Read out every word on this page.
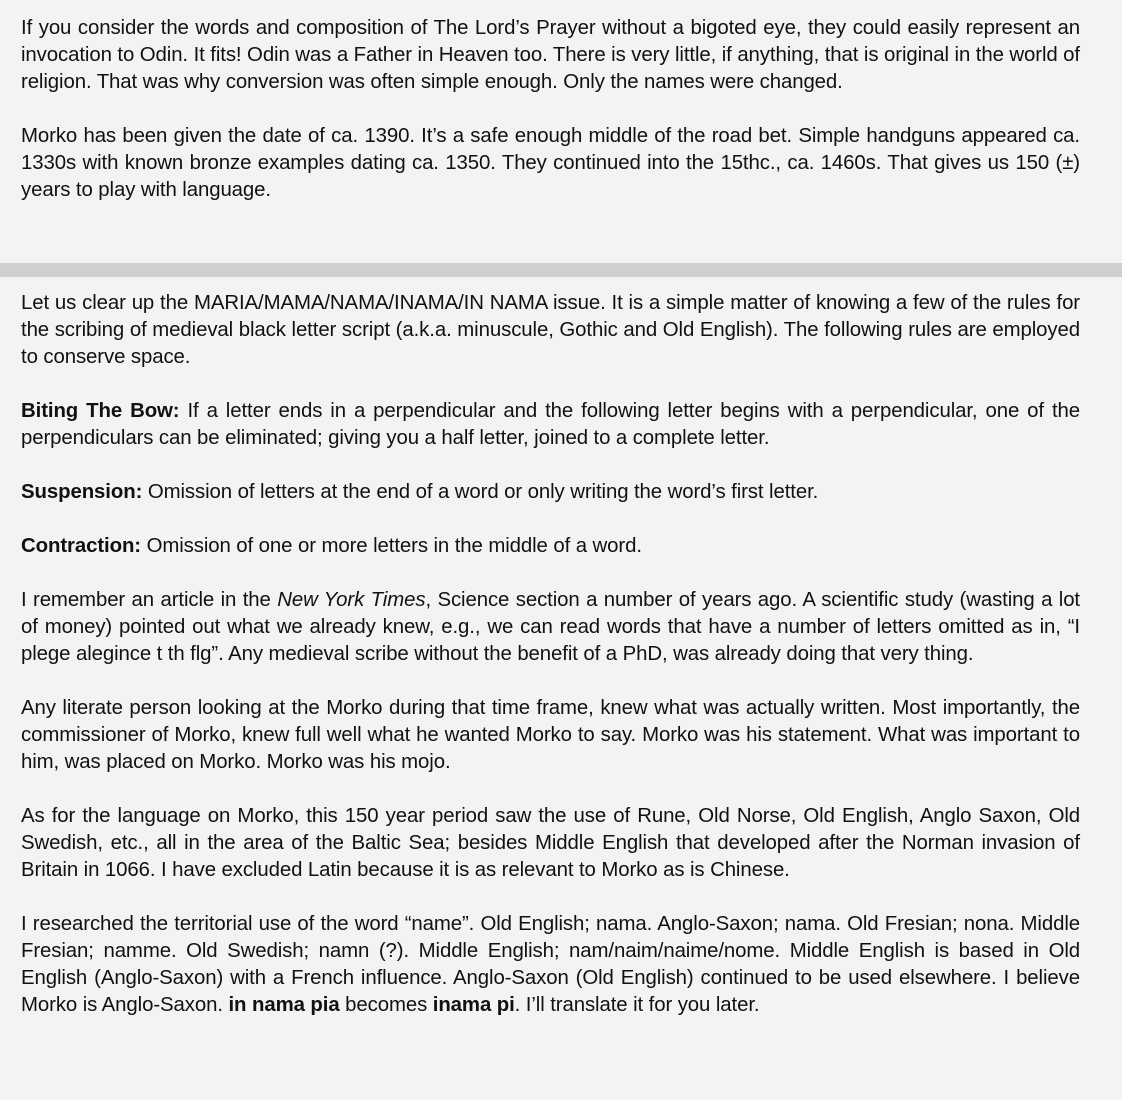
If you consider the words and composition of The Lord’s Prayer without a bigoted eye, they could easily represent an invocation to Odin. It fits! Odin was a Father in Heaven too. There is very little, if anything, that is original in the world of religion. That was why conversion was often simple enough. Only the names were changed.

Morko has been given the date of ca. 1390. It’s a safe enough middle of the road bet. Simple handguns appeared ca. 1330s with known bronze examples dating ca. 1350. They continued into the 15thc., ca. 1460s. That gives us 150 (±) years to play with language.

Let us clear up the MARIA/MAMA/NAMA/INAMA/IN NAMA issue. It is a simple matter of knowing a few of the rules for the scribing of medieval black letter script (a.k.a. minuscule, Gothic and Old English). The following rules are employed to conserve space.

Biting The Bow: If a letter ends in a perpendicular and the following letter begins with a perpendicular, one of the perpendiculars can be eliminated; giving you a half letter, joined to a complete letter.

Suspension: Omission of letters at the end of a word or only writing the word’s first letter.

Contraction: Omission of one or more letters in the middle of a word.

I remember an article in the New York Times, Science section a number of years ago. A scientific study (wasting a lot of money) pointed out what we already knew, e.g., we can read words that have a number of letters omitted as in, “I plege alegince t th flg”. Any medieval scribe without the benefit of a PhD, was already doing that very thing.

Any literate person looking at the Morko during that time frame, knew what was actually written. Most importantly, the commissioner of Morko, knew full well what he wanted Morko to say. Morko was his statement. What was important to him, was placed on Morko. Morko was his mojo.

As for the language on Morko, this 150 year period saw the use of Rune, Old Norse, Old English, Anglo Saxon, Old Swedish, etc., all in the area of the Baltic Sea; besides Middle English that developed after the Norman invasion of Britain in 1066. I have excluded Latin because it is as relevant to Morko as is Chinese.

I researched the territorial use of the word “name”. Old English; nama. Anglo-Saxon; nama. Old Fresian; nona. Middle Fresian; namme. Old Swedish; namn (?). Middle English; nam/naim/naime/nome. Middle English is based in Old English (Anglo-Saxon) with a French influence. Anglo-Saxon (Old English) continued to be used elsewhere. I believe Morko is Anglo-Saxon. in nama pia becomes inama pi. I’ll translate it for you later.
